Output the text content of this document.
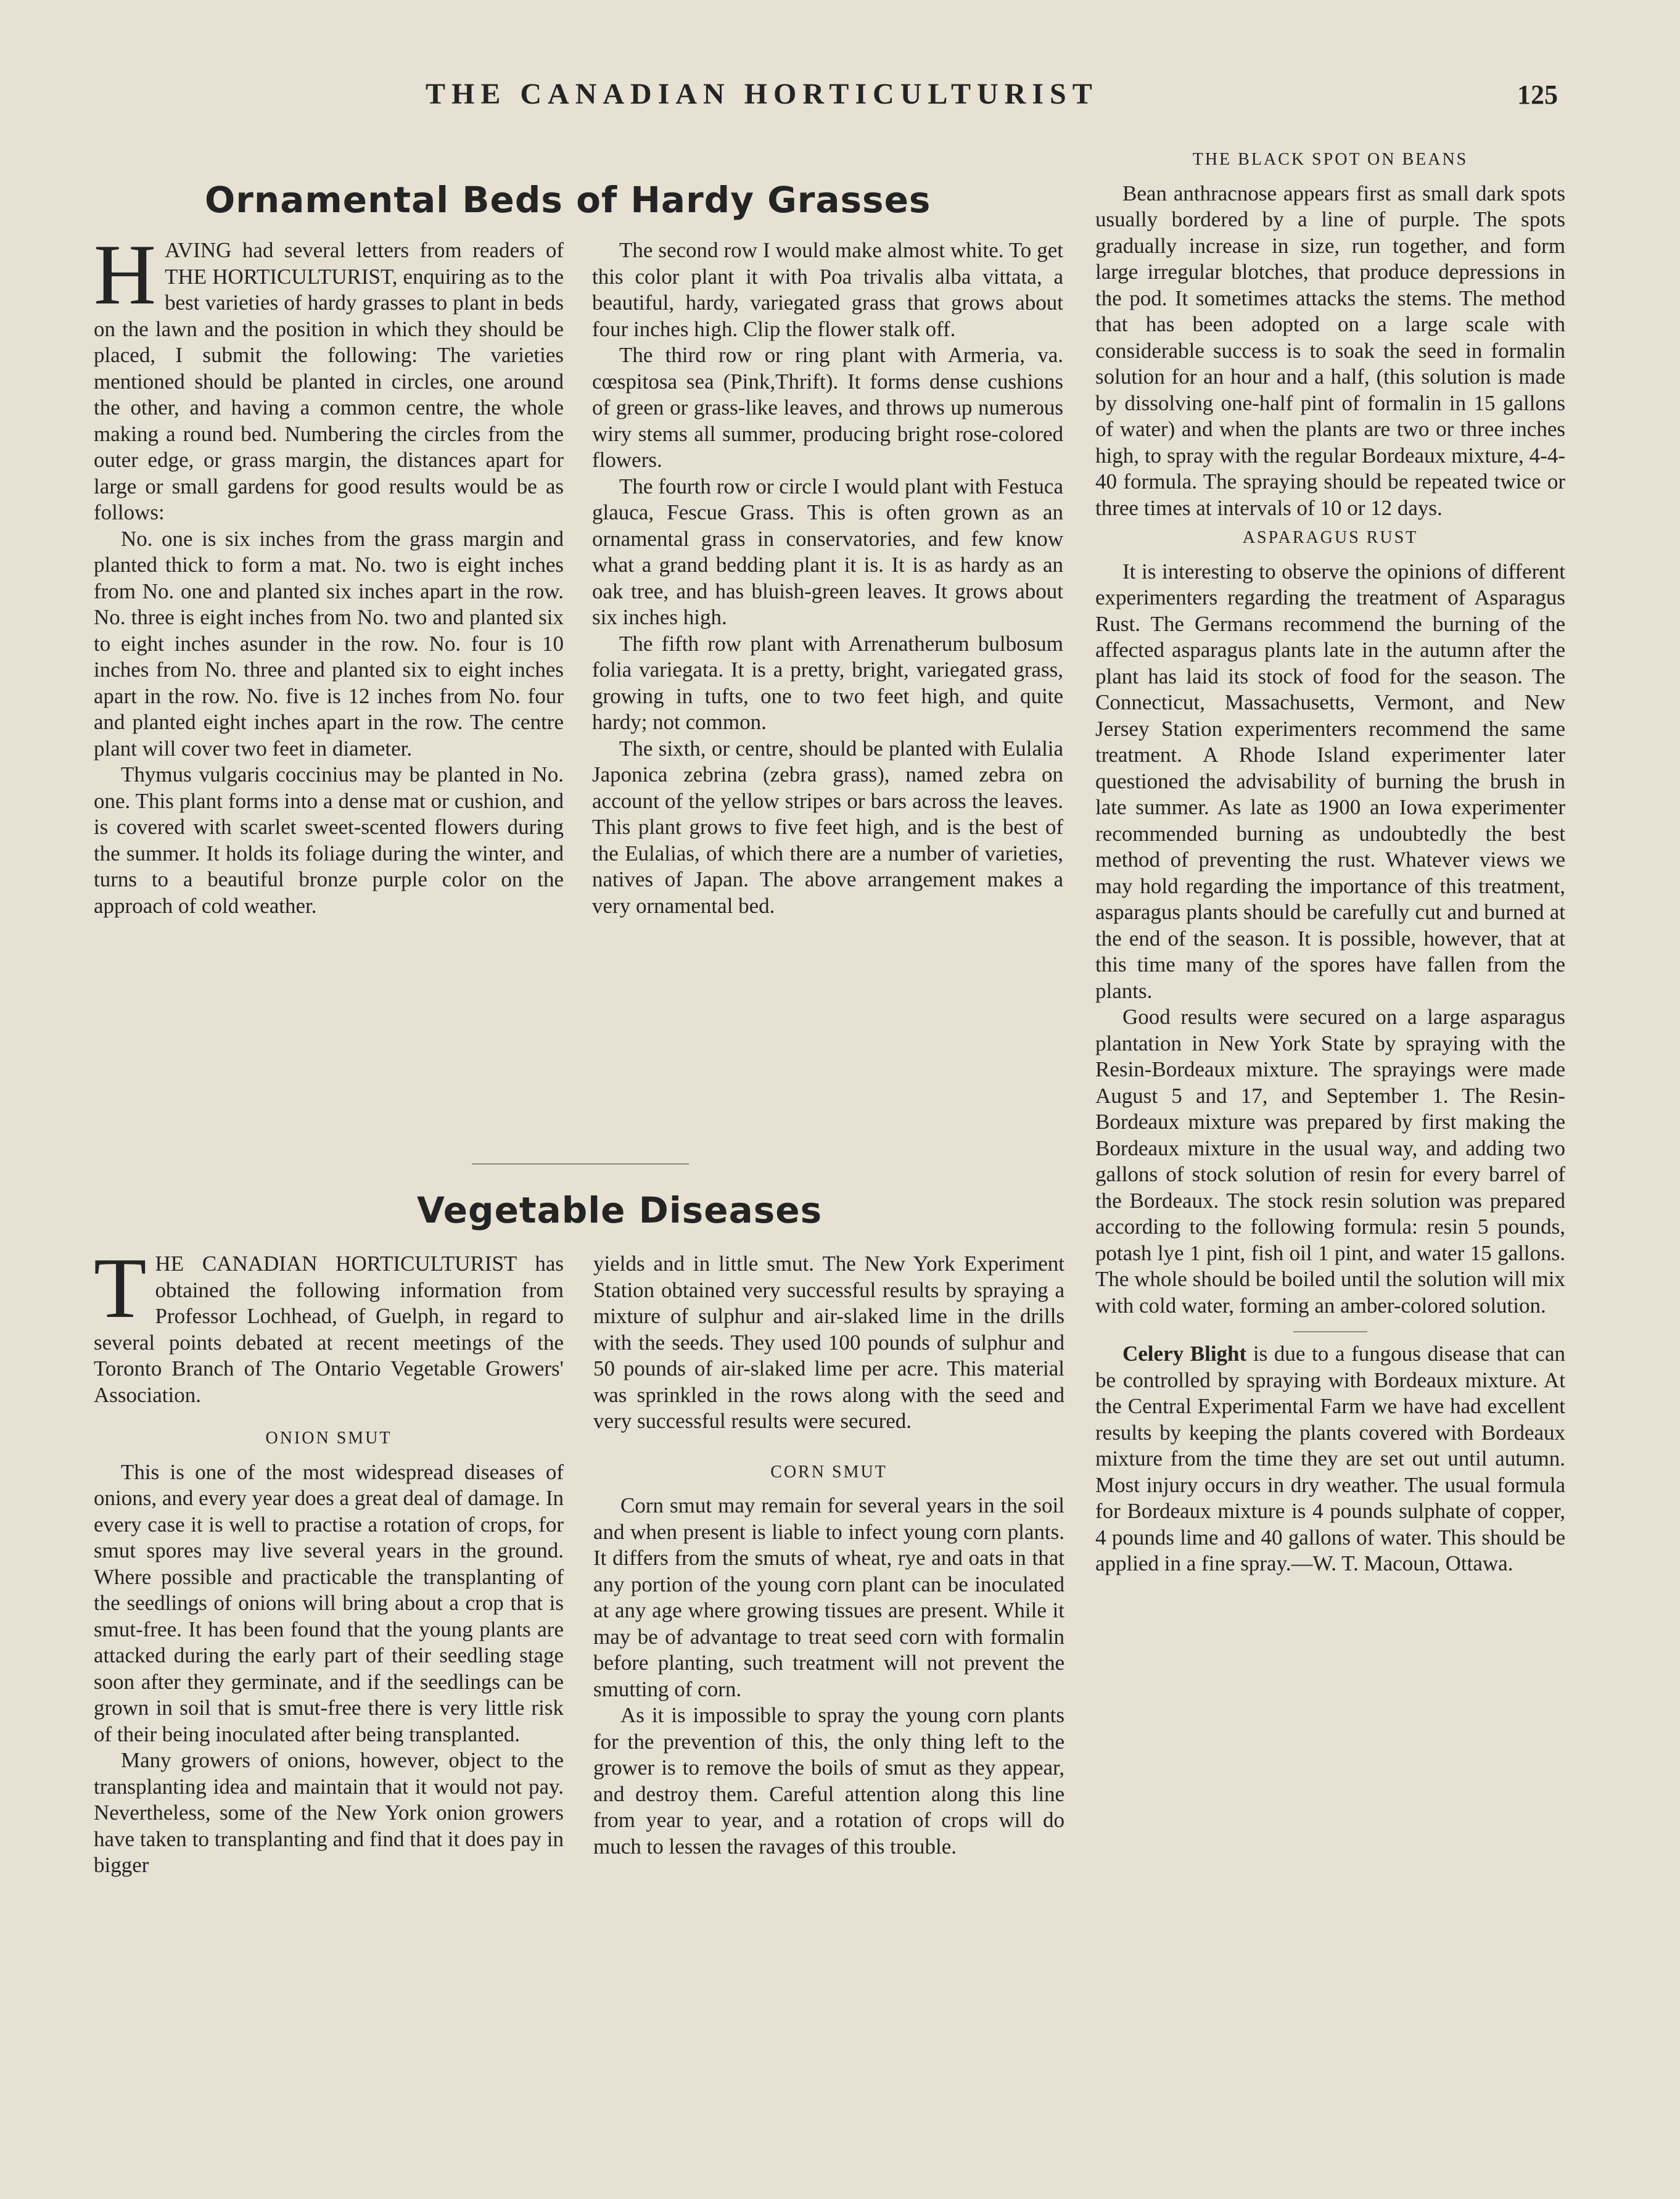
THE CANADIAN HORTICULTURIST	125
Ornamental Beds of Hardy Grasses
H AVING had several letters from readers of THE HORTICULTURIST, enquiring as to the best varieties of hardy grasses to plant in beds on the lawn and the position in which they should be placed, I submit the following: The varieties mentioned should be planted in circles, one around the other, and having a common centre, the whole making a round bed. Numbering the circles from the outer edge, or grass margin, the distances apart for large or small gardens for good results would be as follows:

No. one is six inches from the grass margin and planted thick to form a mat. No. two is eight inches from No. one and planted six inches apart in the row. No. three is eight inches from No. two and planted six to eight inches asunder in the row. No. four is 10 inches from No. three and planted six to eight inches apart in the row. No. five is 12 inches from No. four and planted eight inches apart in the row. The centre plant will cover two feet in diameter.

Thymus vulgaris coccinius may be planted in No. one. This plant forms into a dense mat or cushion, and is covered with scarlet sweet-scented flowers during the summer. It holds its foliage during the winter, and turns to a beautiful bronze purple color on the approach of cold weather.

The second row I would make almost white. To get this color plant it with Poa trivalis alba vittata, a beautiful, hardy, variegated grass that grows about four inches high. Clip the flower stalk off.

The third row or ring plant with Armeria, va. cœspitosa sea (Pink,Thrift). It forms dense cushions of green or grass-like leaves, and throws up numerous wiry stems all summer, producing bright rose-colored flowers.

The fourth row or circle I would plant with Festuca glauca, Fescue Grass. This is often grown as an ornamental grass in conservatories, and few know what a grand bedding plant it is. It is as hardy as an oak tree, and has bluish-green leaves. It grows about six inches high.

The fifth row plant with Arrenatherum bulbosum folia variegata. It is a pretty, bright, variegated grass, growing in tufts, one to two feet high, and quite hardy; not common.

The sixth, or centre, should be planted with Eulalia Japonica zebrina (zebra grass), named zebra on account of the yellow stripes or bars across the leaves. This plant grows to five feet high, and is the best of the Eulalias, of which there are a number of varieties, natives of Japan. The above arrangement makes a very ornamental bed.

Vegetable Diseases
T HE CANADIAN HORTICULTURIST has obtained the following information from Professor Lochhead, of Guelph, in regard to several points debated at recent meetings of the Toronto Branch of The Ontario Vegetable Growers' Association.

ONION SMUT

This is one of the most widespread diseases of onions, and every year does a great deal of damage. In every case it is well to practise a rotation of crops, for smut spores may live several years in the ground. Where possible and practicable the transplanting of the seedlings of onions will bring about a crop that is smut-free. It has been found that the young plants are attacked during the early part of their seedling stage soon after they germinate, and if the seedlings can be grown in soil that is smut-free there is very little risk of their being inoculated after being transplanted.

Many growers of onions, however, object to the transplanting idea and maintain that it would not pay. Nevertheless, some of the New York onion growers have taken to transplanting and find that it does pay in bigger

yields and in little smut. The New York Experiment Station obtained very successful results by spraying a mixture of sulphur and air-slaked lime in the drills with the seeds. They used 100 pounds of sulphur and 50 pounds of air-slaked lime per acre. This material was sprinkled in the rows along with the seed and very successful results were secured.

CORN SMUT

Corn smut may remain for several years in the soil and when present is liable to infect young corn plants. It differs from the smuts of wheat, rye and oats in that any portion of the young corn plant can be inoculated at any age where growing tissues are present. While it may be of advantage to treat seed corn with formalin before planting, such treatment will not prevent the smutting of corn.

As it is impossible to spray the young corn plants for the prevention of this, the only thing left to the grower is to remove the boils of smut as they appear, and destroy them. Careful attention along this line from year to year, and a rotation of crops will do much to lessen the ravages of this trouble.

THE BLACK SPOT ON BEANS

Bean anthracnose appears first as small dark spots usually bordered by a line of purple. The spots gradually increase in size, run together, and form large irregular blotches, that produce depressions in the pod. It sometimes attacks the stems. The method that has been adopted on a large scale with considerable success is to soak the seed in formalin solution for an hour and a half, (this solution is made by dissolving one-half pint of formalin in 15 gallons of water) and when the plants are two or three inches high, to spray with the regular Bordeaux mixture, 4-4-40 formula. The spraying should be repeated twice or three times at intervals of 10 or 12 days.

ASPARAGUS RUST

It is interesting to observe the opinions of different experimenters regarding the treatment of Asparagus Rust. The Germans recommend the burning of the affected asparagus plants late in the autumn after the plant has laid its stock of food for the season. The Connecticut, Massachusetts, Vermont, and New Jersey Station experimenters recommend the same treatment. A Rhode Island experimenter later questioned the advisability of burning the brush in late summer. As late as 1900 an Iowa experimenter recommended burning as undoubtedly the best method of preventing the rust. Whatever views we may hold regarding the importance of this treatment, asparagus plants should be carefully cut and burned at the end of the season. It is possible, however, that at this time many of the spores have fallen from the plants.

Good results were secured on a large asparagus plantation in New York State by spraying with the Resin-Bordeaux mixture. The sprayings were made August 5 and 17, and September 1. The Resin-Bordeaux mixture was prepared by first making the Bordeaux mixture in the usual way, and adding two gallons of stock solution of resin for every barrel of the Bordeaux. The stock resin solution was prepared according to the following formula: resin 5 pounds, potash lye 1 pint, fish oil 1 pint, and water 15 gallons. The whole should be boiled until the solution will mix with cold water, forming an amber-colored solution.

Celery Blight is due to a fungous disease that can be controlled by spraying with Bordeaux mixture. At the Central Experimental Farm we have had excellent results by keeping the plants covered with Bordeaux mixture from the time they are set out until autumn. Most injury occurs in dry weather. The usual formula for Bordeaux mixture is 4 pounds sulphate of copper, 4 pounds lime and 40 gallons of water. This should be applied in a fine spray.—W. T. Macoun, Ottawa.
